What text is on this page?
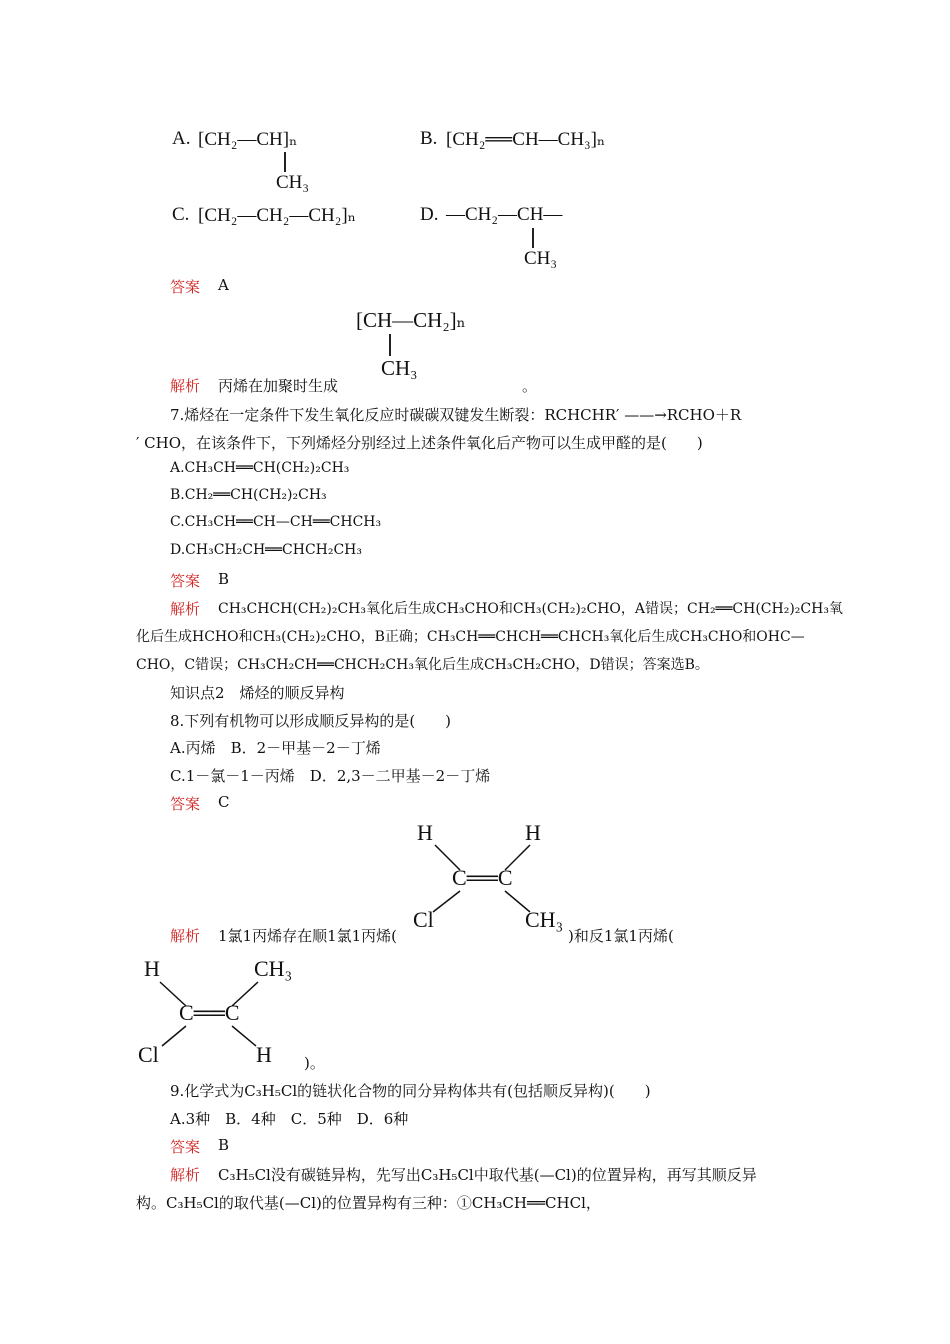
A. [CH₂—CH]ₙ
CH₃
B. [CH₂══CH—CH₃]ₙ
C. [CH₂—CH₂—CH₂]ₙ	D. —CH₂—CH—
CH₃
答案 A
[CH—CH₂]ₙ
CH₃
解析 丙烯在加聚时生成	。
7.烯烃在一定条件下发生氧化反应时碳碳双键发生断裂：RCHCHR′ ——→RCHO＋R
′ CHO，在该条件下，下列烯烃分别经过上述条件氧化后产物可以生成甲醛的是(　　)
A.CH₃CH══CH(CH₂)₂CH₃
B.CH₂══CH(CH₂)₂CH₃
C.CH₃CH══CH—CH══CHCH₃
D.CH₃CH₂CH══CHCH₂CH₃
答案 B
解析 CH₃CHCH(CH₂)₂CH₃氧化后生成CH₃CHO和CH₃(CH₂)₂CHO，A错误；CH₂══CH(CH₂)₂CH₃氧
化后生成HCHO和CH₃(CH₂)₂CHO，B正确；CH₃CH══CHCH══CHCH₃氧化后生成CH₃CHO和OHC—
CHO，C错误；CH₃CH₂CH══CHCH₂CH₃氧化后生成CH₃CH₂CHO，D错误；答案选B。
知识点2　烯烃的顺反异构
8.下列有机物可以形成顺反异构的是(　　)
A.丙烯　B．2－甲基－2－丁烯
C.1－氯－1－丙烯　D．2,3－二甲基－2－丁烯
答案 C
H	H
C══C
Cl	CH₃
解析 1氯1丙烯存在顺1氯1丙烯(	)和反1氯1丙烯(
H	CH₃
C══C
Cl	H )。
9.化学式为C₃H₅Cl的链状化合物的同分异构体共有(包括顺反异构)(　　)
A.3种　B．4种　C．5种　D．6种
答案 B
解析 C₃H₅Cl没有碳链异构，先写出C₃H₅Cl中取代基(—Cl)的位置异构，再写其顺反异
构。C₃H₅Cl的取代基(—Cl)的位置异构有三种：①CH₃CH══CHCl，
